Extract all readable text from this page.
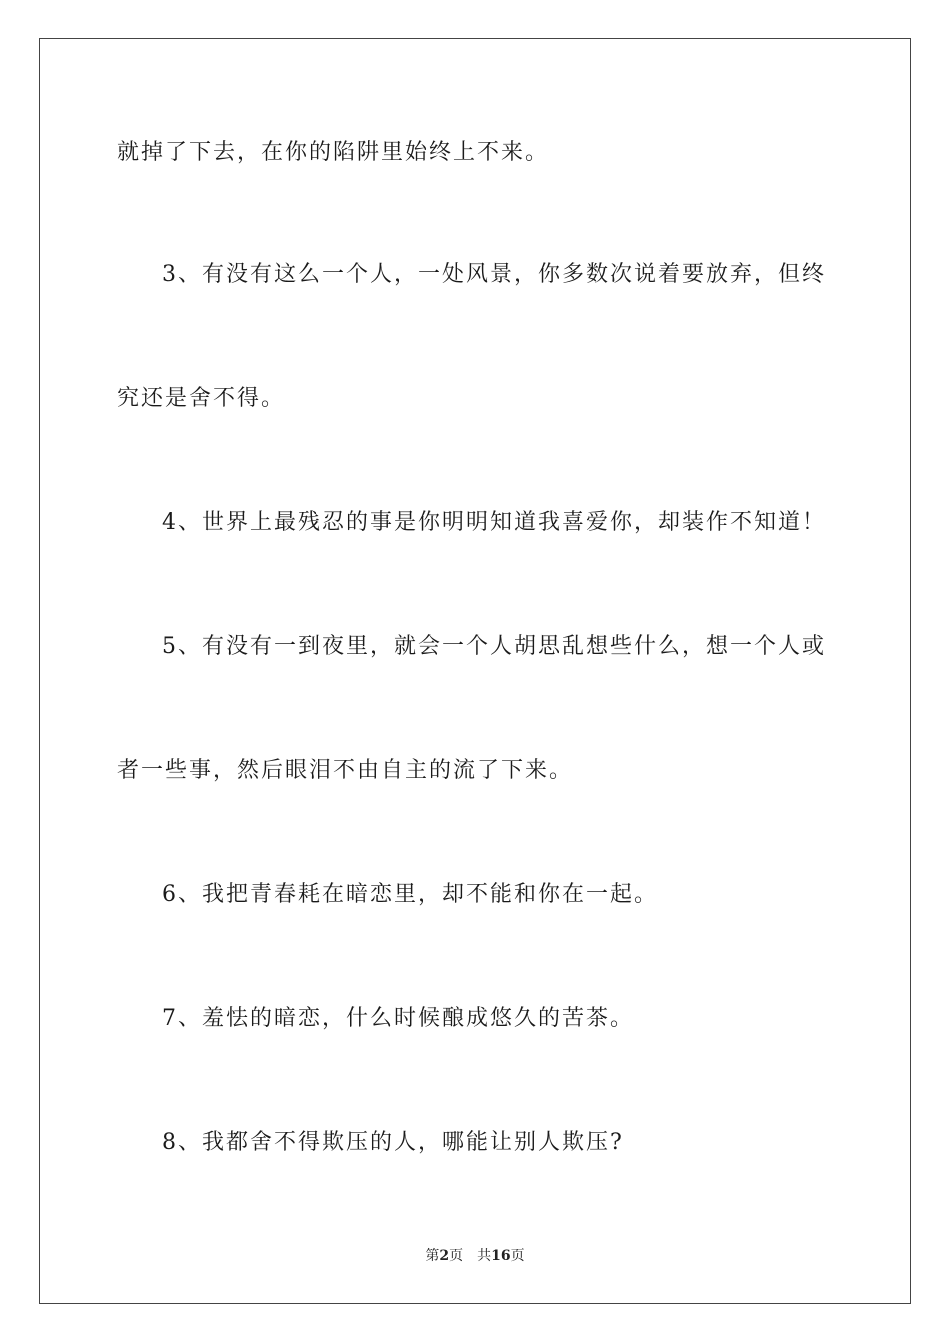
就掉了下去，在你的陷阱里始终上不来。
3、有没有这么一个人，一处风景，你多数次说着要放弃，但终
究还是舍不得。
4、世界上最残忍的事是你明明知道我喜爱你，却装作不知道！
5、有没有一到夜里，就会一个人胡思乱想些什么，想一个人或
者一些事，然后眼泪不由自主的流了下来。
6、我把青春耗在暗恋里，却不能和你在一起。
7、羞怯的暗恋，什么时候酿成悠久的苦茶。
8、我都舍不得欺压的人，哪能让别人欺压?
第2页 共16页
